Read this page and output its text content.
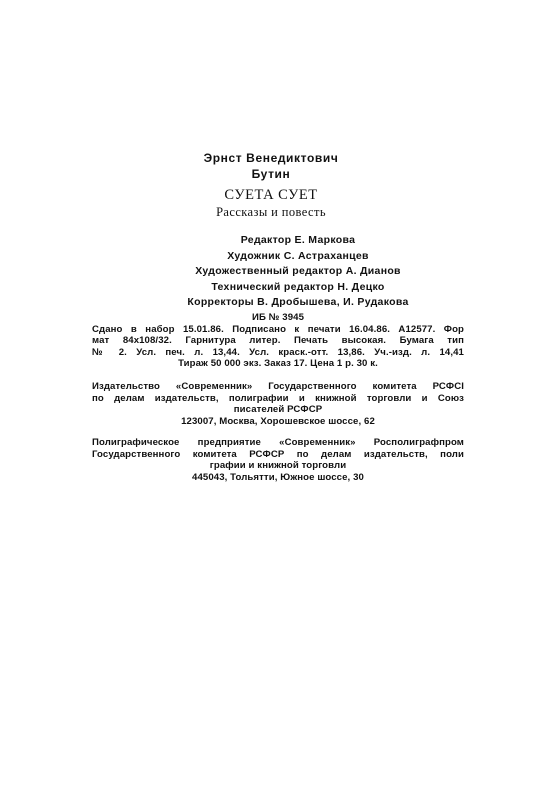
Эрнст Венедиктович
Бутин
СУЕТА СУЕТ
Рассказы и повесть
Редактор Е. Маркова
Художник С. Астраханцев
Художественный редактор А. Дианов
Технический редактор Н. Децко
Корректоры В. Дробышева, И. Рудакова
ИБ № 3945
Сдано в набор 15.01.86. Подписано к печати 16.04.86. А12577. Фор
мат 84х108/32. Гарнитура литер. Печать высокая. Бумага тип
№ 2. Усл. печ. л. 13,44. Усл. краск.-отт. 13,86. Уч.-изд. л. 14,41
Тираж 50 000 экз. Заказ 17. Цена 1 р. 30 к.
Издательство «Современник» Государственного комитета РСФСІ
по делам издательств, полиграфии и книжной торговли и Союз
писателей РСФСР
123007, Москва, Хорошевское шоссе, 62
Полиграфическое предприятие «Современник» Росполиграфпром
Государственного комитета РСФСР по делам издательств, поли
графии и книжной торговли
445043, Тольятти, Южное шоссе, 30
